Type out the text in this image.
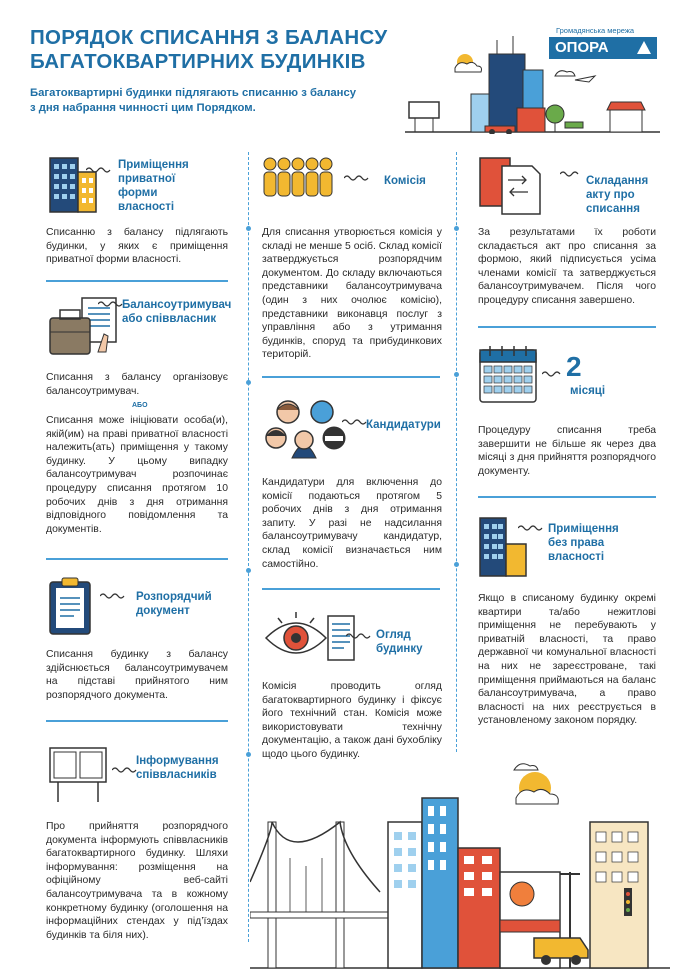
ПОРЯДОК СПИСАННЯ З БАЛАНСУ
БАГАТОКВАРТИРНИХ БУДИНКІВ
Багатоквартирні будинки підлягають списанню з балансу
з дня набрання чинності цим Порядком.
Громадянська мережа
ОПОРА
Приміщення
приватної
форми
власності
Списанню з балансу підлягають будинки, у яких є приміщення приватної форми власності.
Балансоутримувач
або співвласник
Списання з балансу організовує балансоутримувач.
АБО
Списання може ініціювати особа(и), якій(им) на праві приватної власності належить(ать) приміщення у такому будинку. У цьому випадку балансоутримувач розпочинає процедуру списання протягом 10 робочих днів з дня отримання відповідного повідомлення та документів.
Розпорядчий
документ
Списання будинку з балансу здійснюється балансоутримувачем на підставі прийнятого ним розпорядчого документа.
Інформування
співвласників
Про прийняття розпорядчого документа інформують співвласників багатоквартирного будинку. Шляхи інформування: розміщення на офіційному веб-сайті балансоутримувача та в кожному конкретному будинку (оголошення на інформаційних стендах у під’їздах будинків та біля них).
Комісія
Для списання утворюється комісія у складі не менше 5 осіб. Склад комісії затверджується розпорядчим документом. До складу включаються представники балансоутримувача (один з них очолює комісію), представники виконавця послуг з управління або з утримання будинків, споруд та прибудинкових територій.
Кандидатури
Кандидатури для включення до комісії подаються протягом 5 робочих днів з дня отримання запиту. У разі не надсилання балансоутримувачу кандидатур, склад комісії визначається ним самостійно.
Огляд
будинку
Комісія проводить огляд багатоквартирного будинку і фіксує його технічний стан. Комісія може використовувати технічну документацію, а також дані бухобліку щодо цього будинку.
Складання
акту про
списання
За результатами їх роботи складається акт про списання за формою, який підписується усіма членами комісії та затверджується балансоутримувачем. Після чого процедуру списання завершено.
2
місяці
Процедуру списання треба завершити не більше як через два місяці з дня прийняття розпорядчого документу.
Приміщення
без права
власності
Якщо в списаному будинку окремі квартири та/або нежитлові приміщення не перебувають у приватній власності, та право державної чи комунальної власності на них не зареєстроване, такі приміщення приймаються на баланс балансоутримувача, а право власності на них реєструється в установленому законом порядку.
